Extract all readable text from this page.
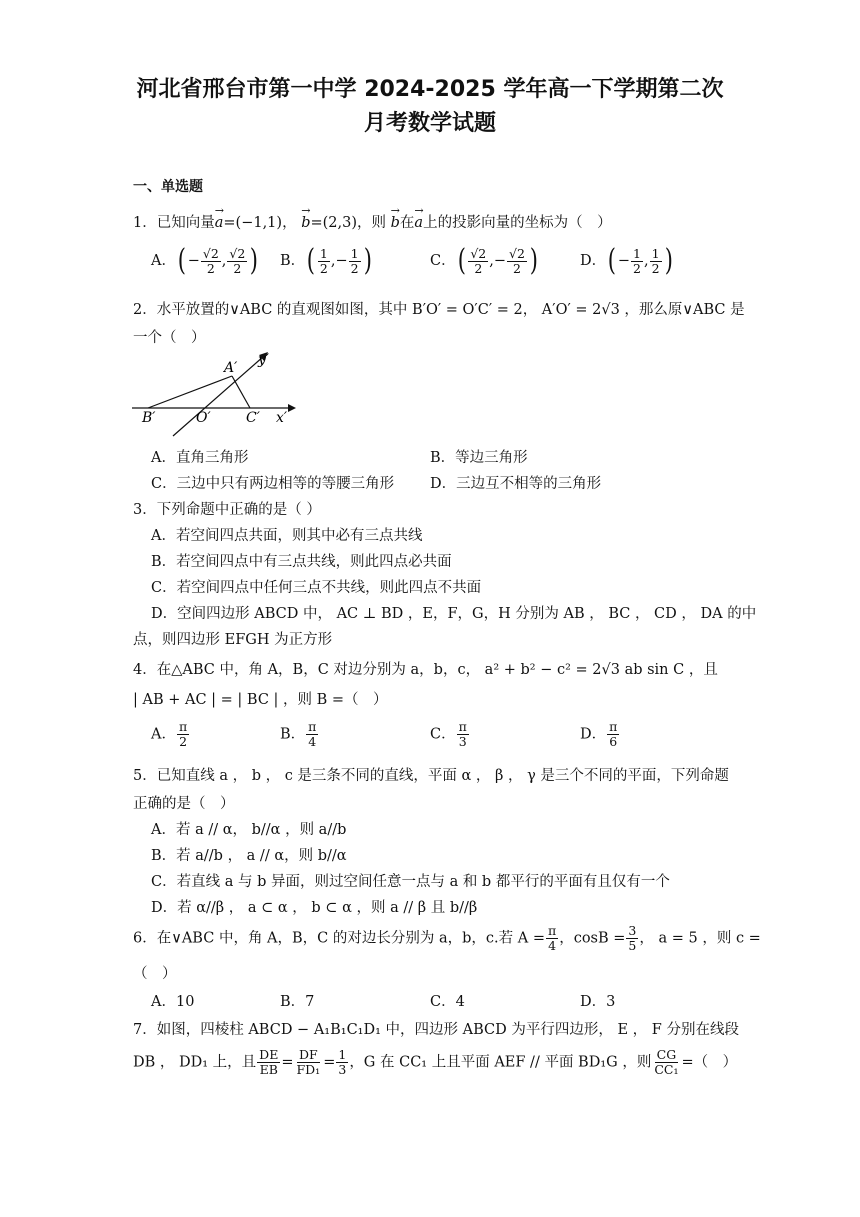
河北省邢台市第一中学 2024-2025 学年高一下学期第二次
月考数学试题
一、单选题
1．已知向量
→
a=(−1,1)，
→
b=(2,3)，则
→
b在
→
a上的投影向量的坐标为（　）
A．( − $\frac{√2}{2}$ , $\frac{√2}{2}$ ) B．( $\frac{1}{2}$ ,− $\frac{1}{2}$ )	C．( $\frac{√2}{2}$ ,− $\frac{√2}{2}$ )	D．( − $\frac{1}{2}$ , $\frac{1}{2}$ )
2．水平放置的∨ABC 的直观图如图，其中 B′O′ = O′C′ = 2， A′O′ = 2√3 ，那么原∨ABC 是
一个（　）
A′ y′
B′	O′	C′ x′
A．直角三角形	B．等边三角形
C．三边中只有两边相等的等腰三角形 D．三边互不相等的三角形
3．下列命题中正确的是（ ）
A．若空间四点共面，则其中必有三点共线
B．若空间四点中有三点共线，则此四点必共面
C．若空间四点中任何三点不共线，则此四点不共面
D．空间四边形 ABCD 中， AC ⊥ BD ，E，F，G，H 分别为 AB ， BC ， CD ， DA 的中
点，则四边形 EFGH 为正方形
4．在△ABC 中，角 A，B，C 对边分别为 a，b，c， a² + b² − c² = 2√3 ab sin C ，且
| AB + AC | = | BC | ，则 B =（　）
A． $\frac{\pi}{2}$	B． $\frac{\pi}{4}$	C． $\frac{\pi}{3}$	D． $\frac{\pi}{6}$
5．已知直线 a ， b ， c 是三条不同的直线，平面 α ， β ， γ 是三个不同的平面，下列命题
正确的是（　）
A．若 a // α， b//α ，则 a//b
B．若 a//b ， a // α，则 b//α
C．若直线 a 与 b 异面，则过空间任意一点与 a 和 b 都平行的平面有且仅有一个
D．若 α//β ， a ⊂ α ， b ⊂ α ，则 a // β 且 b//β
6．在∨ABC 中，角 A，B，C 的对边长分别为 a，b，c.若 $A = \frac{\pi}{4}$ ，$\cos B = \frac{3}{5}$ ， a = 5 ，则 c =
（　）
A．10	B．7	C．4	D．3
7．如图，四棱柱 ABCD − A₁B₁C₁D₁ 中，四边形 ABCD 为平行四边形， E ， F 分别在线段
DB ， DD₁ 上，且 $\frac{DE}{EB} = \frac{DF}{\text{FD₁}} = \frac{1}{3}$ ，G 在 CC₁ 上且平面 AEF // 平面 BD₁G ，则 $\frac{CG}{\text{CC₁}}$ =（　）
